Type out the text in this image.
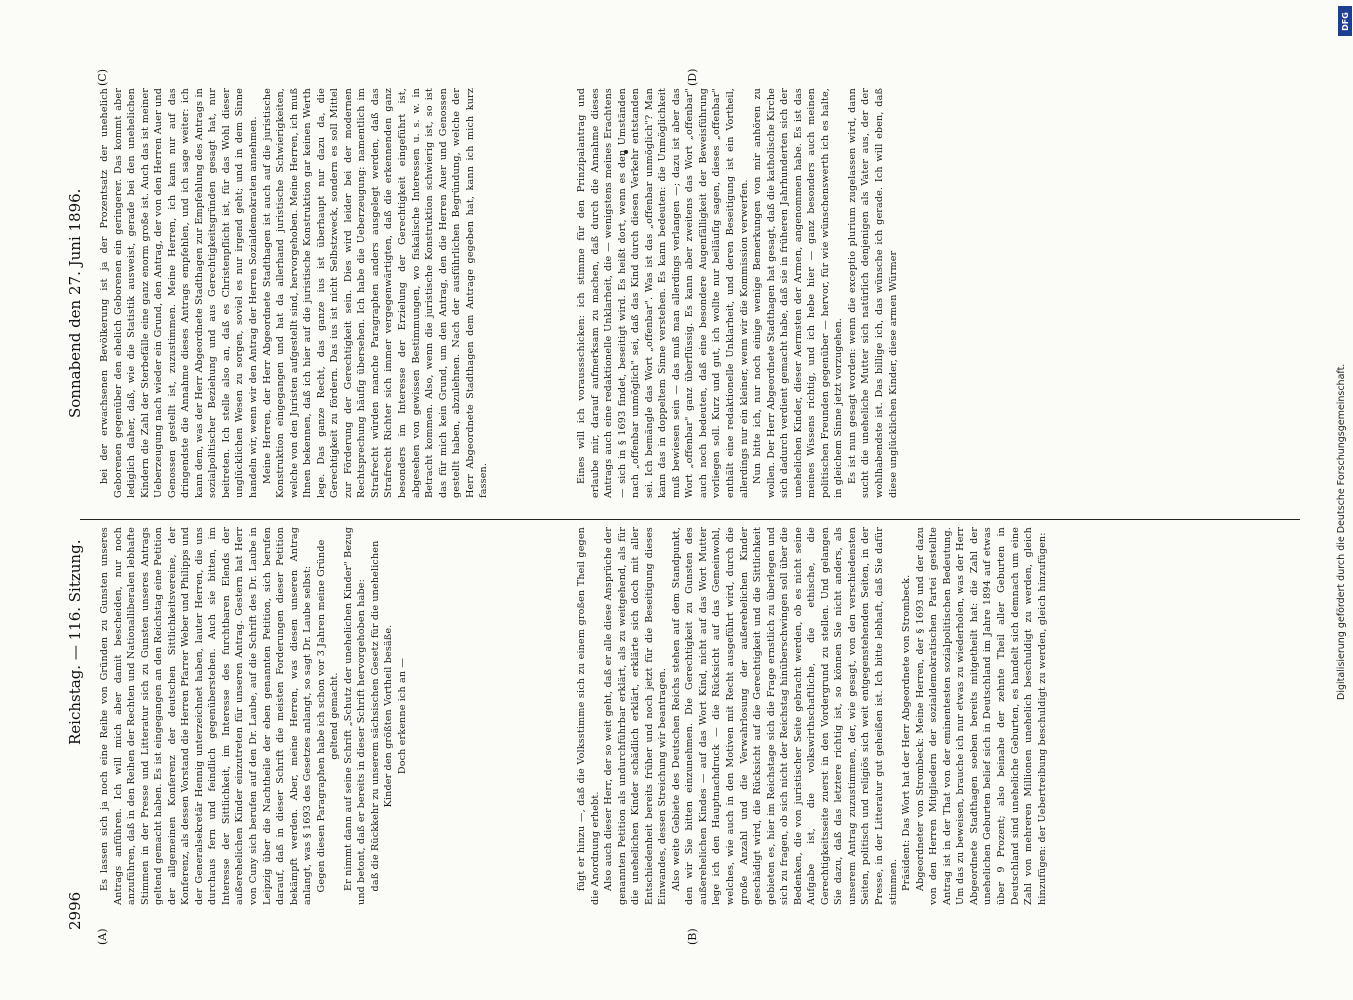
2996
Reichstag. — 116. Sitzung.
Sonnabend den 27. Juni 1896.
(A)	(B)
(C)	(D)

Es lassen sich ja noch eine Reihe von Gründen zu Gunsten unseres Antrags anführen. Ich will mich aber damit bescheiden, nur noch anzuführen, daß in den Reihen der Rechten und Nationalliberalen lebhafte Stimmen in der Presse und Litteratur sich zu Gunsten unseres Antrags geltend gemacht haben. Es ist eingegangen an den Reichstag eine Petition der allgemeinen Konferenz der deutschen Sittlichkeitsvereine, der Konferenz, als dessen Vorstand die Herren Pfarrer Weber und Philipps und der Generalsekretär Hennig unterzeichnet haben, lauter Herren, die uns durchaus fern und feindlich gegenüberstehen. Auch sie bitten, im Interesse der Sittlichkeit, im Interesse des furchtbaren Elends der außerehelichen Kinder einzutreten für unseren Antrag. Gestern hat Herr von Cuny sich berufen auf den Dr. Laube, auf die Schrift des Dr. Laube in Leipzig über die Nachtheile der eben genannten Petition, sich berufen darauf, daß in dieser Schrift die meisten Forderungen dieser Petition bekämpft werden. Aber, meine Herren, was diesen unseren Antrag anlangt, was § 1693 des Gesetzes anlangt, so sagt Dr. Laube selbst: Gegen diesen Paragraphen habe ich schon vor 3 Jahren meine Gründe geltend gemacht. Er nimmt dann auf seine Schrift „Schutz der unehelichen Kinder" Bezug und betont, daß er bereits in dieser Schrift hervorgehoben habe: daß die Rückkehr zu unserem sächsischen Gesetz für die unehelichen Kinder den größten Vortheil besäße. Doch erkenne ich an —	fügt er hinzu —, daß die Volksstimme sich zu einem großen Theil gegen die Anordnung erhebt. Also auch dieser Herr, der so weit geht, daß er alle diese Ansprüche der genannten Petition als undurchführbar erklärt, als zu weitgehend, als für die unehelichen Kinder schädlich erklärt, erklärte sich doch mit aller Entschiedenheit bereits früher und noch jetzt für die Beseitigung dieses Einwandes, dessen Streichung wir beantragen. Also weite Gebiete des Deutschen Reichs stehen auf dem Standpunkt, den wir Sie bitten einzunehmen. Die Gerechtigkeit zu Gunsten des außerehelichen Kindes — auf das Wort Kind, nicht auf das Wort Mutter lege ich den Hauptnachdruck — die Rücksicht auf das Gemeinwohl, welches, wie auch in den Motiven mit Recht ausgeführt wird, durch die große Anzahl und die Verwahrlosung der außerehelichen Kinder geschädigt wird, die Rücksicht auf die Gerechtigkeit und die Sittlichkeit gebieten es, hier im Reichstage sich die Frage ernstlich zu überlegen und sich zu fragen, ob sich nicht der Reichstag hinüberschwingen soll über die Bedenken, die von juristischer Seite gebracht werden, ob es nicht seine Aufgabe ist, die volkswirthschaftliche, die ethische, die Gerechtigkeitsseite zuerst in den Vordergrund zu stellen. Und gelangen Sie dazu, daß das letztere richtig ist, so können Sie nicht anders, als unserem Antrag zuzustimmen, der, wie gesagt, von den verschiedensten Seiten, politisch und religiös sich weit entgegenstehenden Seiten, in der Presse, in der Litteratur gut geheißen ist. Ich bitte lebhaft, daß Sie dafür stimmen. Präsident: Das Wort hat der Herr Abgeordnete von Strombeck. Abgeordneter von Strombeck: Meine Herren, der § 1693 und der dazu von den Herren Mitgliedern der sozialdemokratischen Partei gestellte Antrag ist in der That von der eminentesten sozialpolitischen Bedeutung. Um das zu beweisen, brauche ich nur etwas zu wiederholen, was der Herr Abgeordnete Stadthagen soeben bereits mitgetheilt hat: die Zahl der unehelichen Geburten belief sich in Deutschland im Jahre 1894 auf etwas über 9 Prozent; also beinahe der zehnte Theil aller Geburten in Deutschland sind uneheliche Geburten, es handelt sich demnach um eine Zahl von mehreren Millionen unehelich beschuldigt zu werden, gleich hinzufügen: der Uebertreibung beschuldigt zu werden, gleich hinzufügen:

bei der erwachsenen Bevölkerung ist ja der Prozentsatz der unehelich Geborenen gegenüber den ehelich Geborenen ein geringerer. Das kommt aber lediglich daher, daß, wie die Statistik ausweist, gerade bei den unehelichen Kindern die Zahl der Sterbefälle eine ganz enorm große ist. Auch das ist meiner Ueberzeugung nach wieder ein Grund, den Antrag, der von den Herren Auer und Genossen gestellt ist, zuzustimmen. Meine Herren, ich kann nur auf das dringendste die Annahme dieses Antrags empfehlen, und ich sage weiter: ich kann dem, was der Herr Abgeordnete Stadthagen zur Empfehlung des Antrags in sozialpolitischer Beziehung und aus Gerechtigkeitsgründen gesagt hat, nur beitreten. Ich stelle also an, daß es Christenpflicht ist, für das Wohl dieser unglücklichen Wesen zu sorgen, soviel es nur irgend geht; und in dem Sinne handeln wir, wenn wir den Antrag der Herren Sozialdemokraten annehmen. Meine Herren, der Herr Abgeordnete Stadthagen ist auch auf die juristische Konstruktion eingegangen und hat da allerhand juristische Schwierigkeiten, welche von den Juristen aufgestellt sind, hervorgehoben. Meine Herren, ich muß Ihnen bekennen, daß ich hier auf die juristische Konstruktion gar keinen Werth lege. Das ganze Recht, das ganze ius ist überhaupt nur dazu da, die Gerechtigkeit zu fördern. Das ius ist nicht Selbstzweck, sondern es soll Mittel zur Förderung der Gerechtigkeit sein. Dies wird leider bei der modernen Rechtsprechung häufig übersehen. Ich habe die Ueberzeugung: namentlich im Strafrecht würden manche Paragraphen anders ausgelegt werden, daß das Strafrecht Richter sich immer vergegenwärtigten, daß die erkennenden ganz besonders im Interesse der Erzielung der Gerechtigkeit eingeführt ist, abgesehen von gewissen Bestimmungen, wo fiskalische Interessen u. s. w. in Betracht kommen. Also, wenn die juristische Konstruktion schwierig ist, so ist das für mich kein Grund, um den Antrag, den die Herren Auer und Genossen gestellt haben, abzulehnen. Nach der ausführlichen Begründung, welche der Herr Abgeordnete Stadthagen dem Antrage gegeben hat, kann ich mich kurz fassen.	Eines will ich voraussschicken: ich stimme für den Prinzipalantrag und erlaube mir, darauf aufmerksam zu machen, daß durch die Annahme dieses Antrags auch eine redaktionelle Unklarheit, die — wenigstens meines Erachtens — sich in § 1693 findet, beseitigt wird. Es heißt dort, wenn es den Umständen nach „offenbar unmöglich" sei, daß das Kind durch diesen Verkehr entstanden sei. Ich bemängle das Wort „offenbar". Was ist das „offenbar unmöglich"? Man kann das in doppeltem Sinne verstehen. Es kann bedeuten: die Unmöglichkeit muß bewiesen sein — das muß man allerdings verlangen —; dazu ist aber das Wort „offenbar" ganz überflüssig. Es kann aber zweitens das Wort „offenbar" auch noch bedeuten, daß eine besondere Augenfälligkeit der Beweisführung vorliegen soll. Kurz und gut, ich wollte nur beiläufig sagen, dieses „offenbar" enthält eine redaktionelle Unklarheit, und deren Beseitigung ist ein Vortheil, allerdings nur ein kleiner, wenn wir die Kommission verwerfen. Nun bitte ich, nur noch einige wenige Bemerkungen von mir anhören zu wollen. Der Herr Abgeordnete Stadthagen hat gesagt, daß die katholische Kirche sich dadurch verdient gemacht habe, daß sie in früheren Jahrhunderten sich der unehelichen Kinder, dieser Aermsten der Armen, angenommen habe. Es ist das meines Wissens richtig, und ich hebe hier — ganz besonders auch meinen politischen Freunden gegenüber — hervor, für wie wünschenswerth ich es halte, in gleichem Sinne jetzt vorzugehen. Es ist nun gesagt worden: wenn die exceptio plurium zugelassen wird, dann sucht die uneheliche Mutter sich natürlich denjenigen als Vater aus, der der wohlhabendste ist. Das billige ich, das wünsche ich gerade. Ich will eben, daß diese unglücklichen Kinder, diese armen Würmer	Digitalisierung gefördert durch die Deutsche Forschungsgemeinschaft.
DFG
